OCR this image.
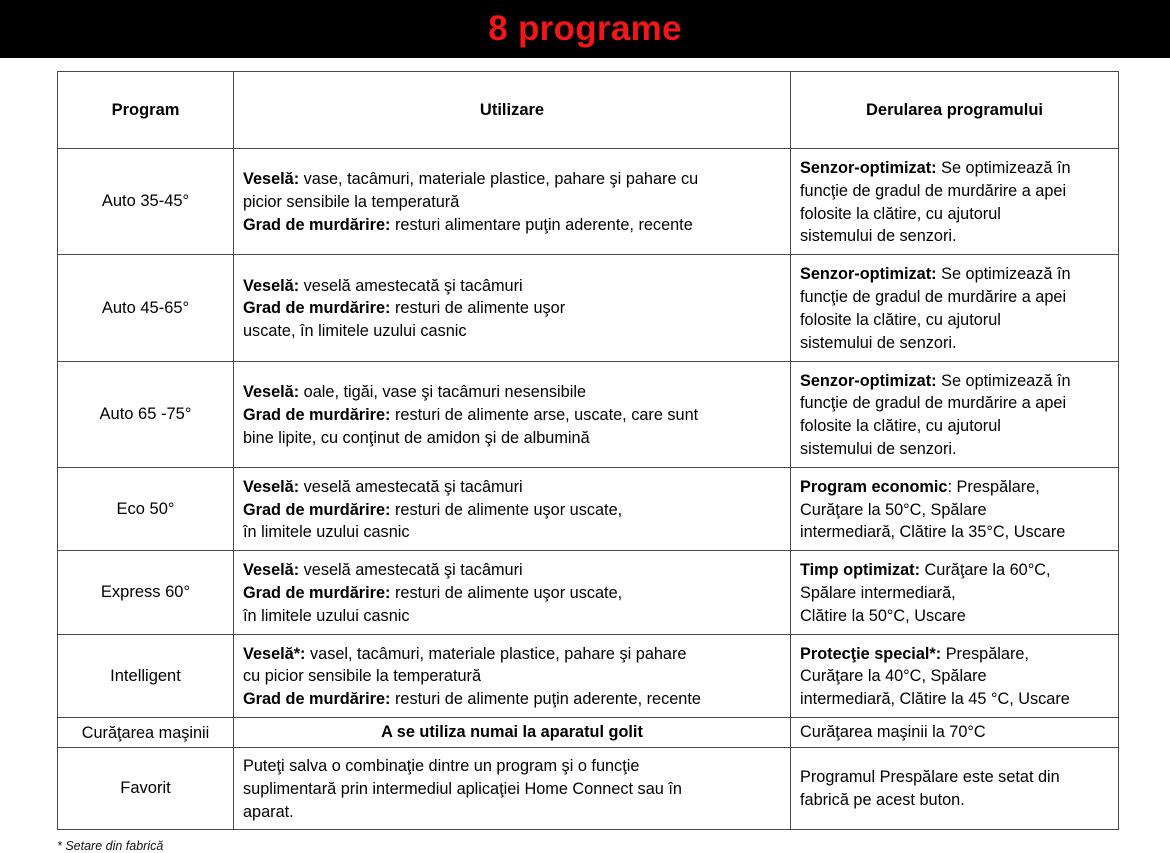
8 programe
Program	Utilizare	Derularea programului
Auto 35-45°	Veselă: vase, tacâmuri, materiale plastice, pahare şi pahare cu
picior sensibile la temperatură
Grad de murdărire: resturi alimentare puţin aderente, recente	Senzor-optimizat: Se optimizează în
funcţie de gradul de murdărire a apei
folosite la clătire, cu ajutorul
sistemului de senzori.

Auto 45-65°	Veselă: veselă amestecată şi tacâmuri
Grad de murdărire: resturi de alimente uşor
uscate, în limitele uzului casnic	Senzor-optimizat: Se optimizează în
funcţie de gradul de murdărire a apei
folosite la clătire, cu ajutorul
sistemului de senzori.

Auto 65 -75°	Veselă: oale, tigăi, vase şi tacâmuri nesensibile
Grad de murdărire: resturi de alimente arse, uscate, care sunt
bine lipite, cu conţinut de amidon şi de albumină	Senzor-optimizat: Se optimizează în
funcţie de gradul de murdărire a apei
folosite la clătire, cu ajutorul
sistemului de senzori.

Eco 50°	Veselă: veselă amestecată şi tacâmuri
Grad de murdărire: resturi de alimente uşor uscate,
în limitele uzului casnic	Program economic: Prespălare,
Curăţare la 50°C, Spălare
intermediară, Clătire la 35°C, Uscare

Express 60°	Veselă: veselă amestecată şi tacâmuri
Grad de murdărire: resturi de alimente uşor uscate,
în limitele uzului casnic	Timp optimizat: Curăţare la 60°C,
Spălare intermediară,
Clătire la 50°C, Uscare

Intelligent	Veselă*: vasel, tacâmuri, materiale plastice, pahare şi pahare
cu picior sensibile la temperatură
Grad de murdărire: resturi de alimente puţin aderente, recente	Protecţie special*: Prespălare,
Curăţare la 40°C, Spălare
intermediară, Clătire la 45 °C, Uscare

Curăţarea maşinii	A se utiliza numai la aparatul golit	Curăţarea maşinii la 70°C

Favorit	Puteţi salva o combinaţie dintre un program şi o funcţie
suplimentară prin intermediul aplicaţiei Home Connect sau în
aparat.	Programul Prespălare este setat din
fabrică pe acest buton.
* Setare din fabrică
